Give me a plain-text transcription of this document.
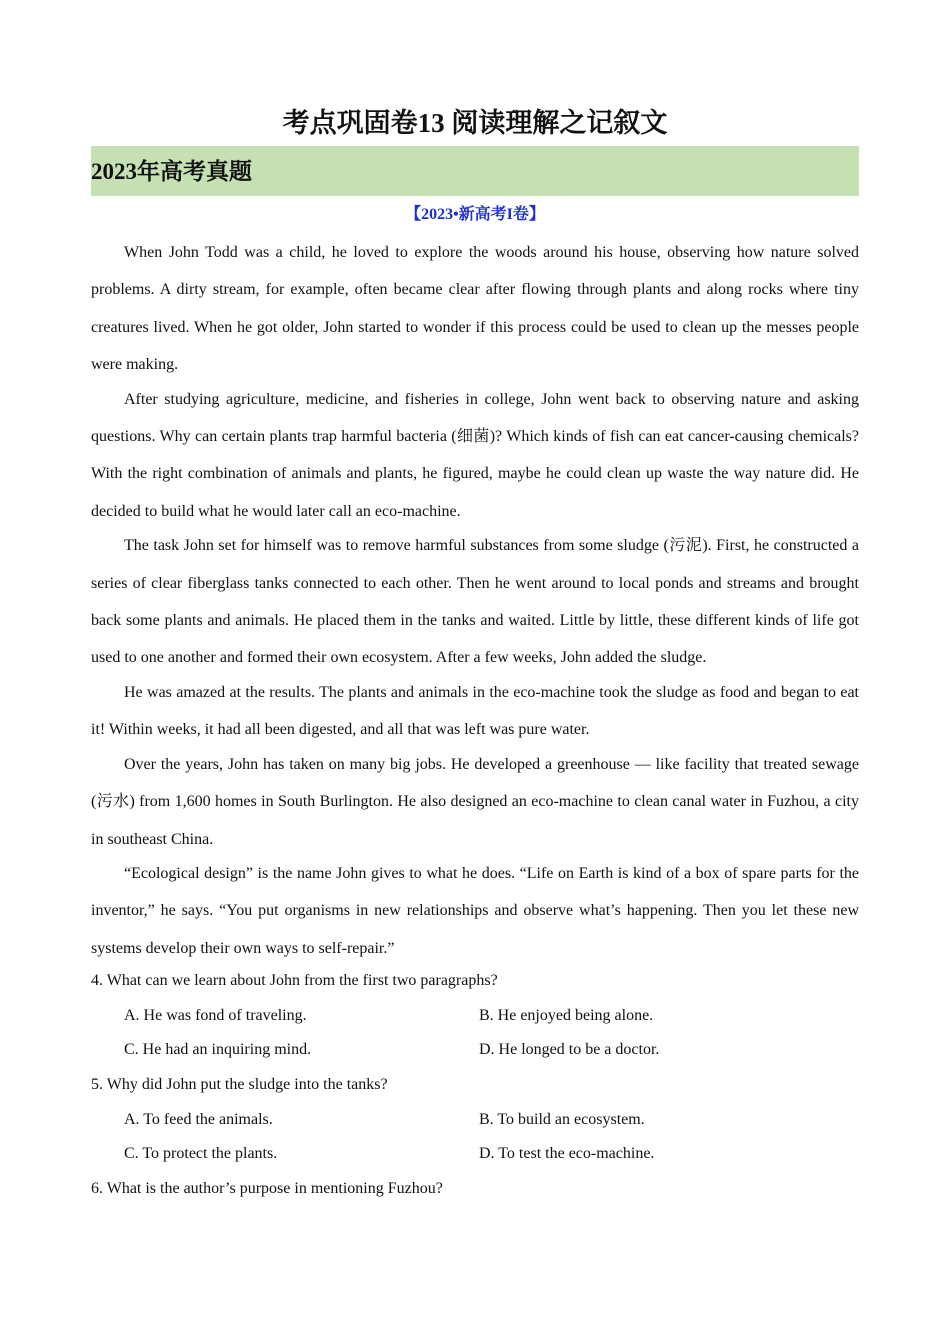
考点巩固卷13 阅读理解之记叙文
2023年高考真题
【2023•新高考I卷】

When John Todd was a child, he loved to explore the woods around his house, observing how nature solved problems. A dirty stream, for example, often became clear after flowing through plants and along rocks where tiny creatures lived. When he got older, John started to wonder if this process could be used to clean up the messes people were making.

After studying agriculture, medicine, and fisheries in college, John went back to observing nature and asking questions. Why can certain plants trap harmful bacteria (细菌)? Which kinds of fish can eat cancer-causing chemicals? With the right combination of animals and plants, he figured, maybe he could clean up waste the way nature did. He decided to build what he would later call an eco-machine.

The task John set for himself was to remove harmful substances from some sludge (污泥). First, he constructed a series of clear fiberglass tanks connected to each other. Then he went around to local ponds and streams and brought back some plants and animals. He placed them in the tanks and waited. Little by little, these different kinds of life got used to one another and formed their own ecosystem. After a few weeks, John added the sludge.

He was amazed at the results. The plants and animals in the eco-machine took the sludge as food and began to eat it! Within weeks, it had all been digested, and all that was left was pure water.

Over the years, John has taken on many big jobs. He developed a greenhouse — like facility that treated sewage (污水) from 1,600 homes in South Burlington. He also designed an eco-machine to clean canal water in Fuzhou, a city in southeast China.

“Ecological design” is the name John gives to what he does. “Life on Earth is kind of a box of spare parts for the inventor,” he says. “You put organisms in new relationships and observe what’s happening. Then you let these new systems develop their own ways to self-repair.”

4. What can we learn about John from the first two paragraphs?

A. He was fond of traveling.	B. He enjoyed being alone.
C. He had an inquiring mind.	D. He longed to be a doctor.

5. Why did John put the sludge into the tanks?

A. To feed the animals.	B. To build an ecosystem.
C. To protect the plants.	D. To test the eco-machine.

6. What is the author’s purpose in mentioning Fuzhou?
